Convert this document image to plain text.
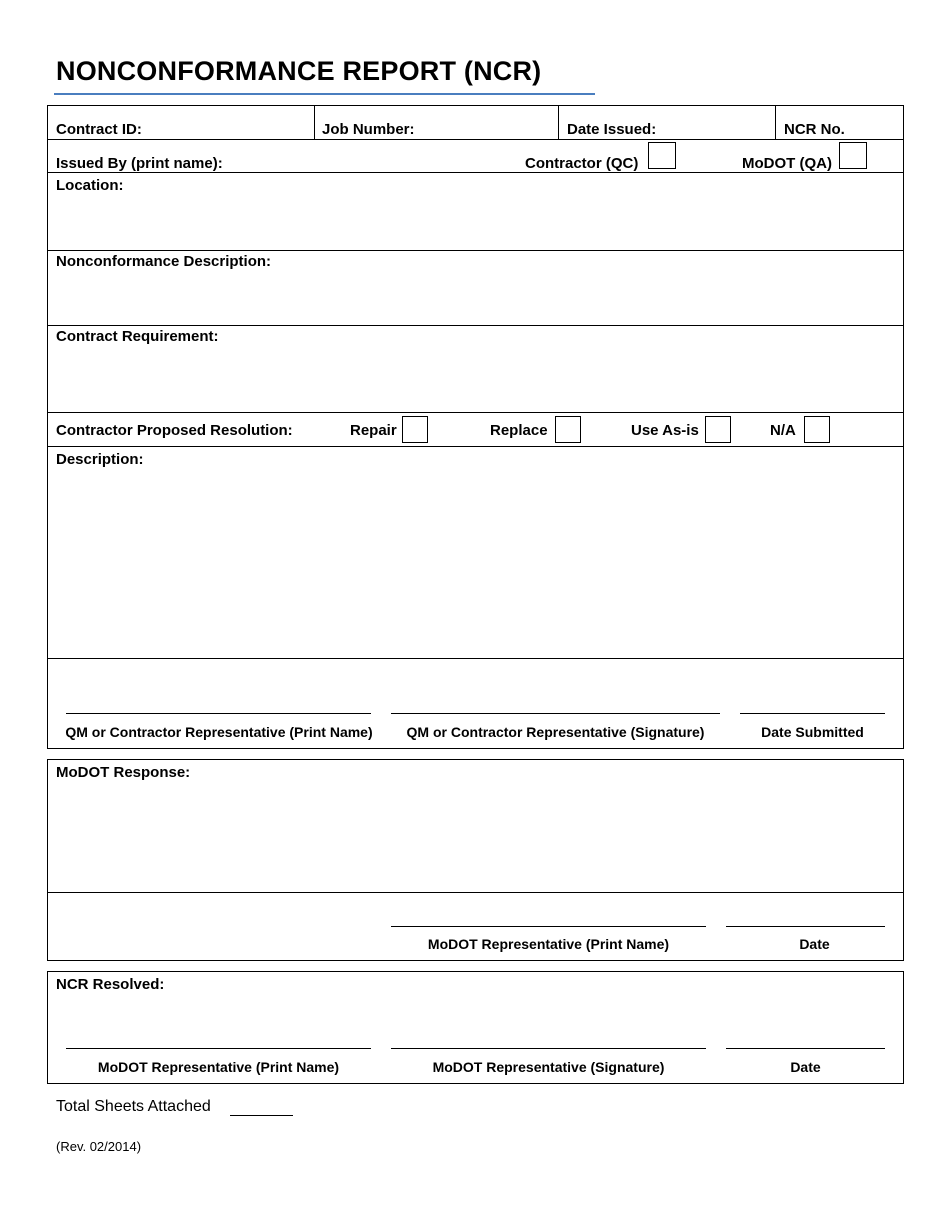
NONCONFORMANCE REPORT (NCR)
Contract ID:	Job Number:	Date Issued:	NCR No.
Issued By (print name):	Contractor (QC)	MoDOT (QA)
Location:
Nonconformance Description:
Contract Requirement:
Contractor Proposed Resolution:	Repair	Replace	Use As-is	N/A
Description:
QM or Contractor Representative (Print Name)	QM or Contractor Representative (Signature)	Date Submitted
MoDOT Response:
MoDOT Representative (Print Name)	Date
NCR Resolved:
MoDOT Representative (Print Name)	MoDOT Representative (Signature)	Date
Total Sheets Attached
(Rev. 02/2014)
